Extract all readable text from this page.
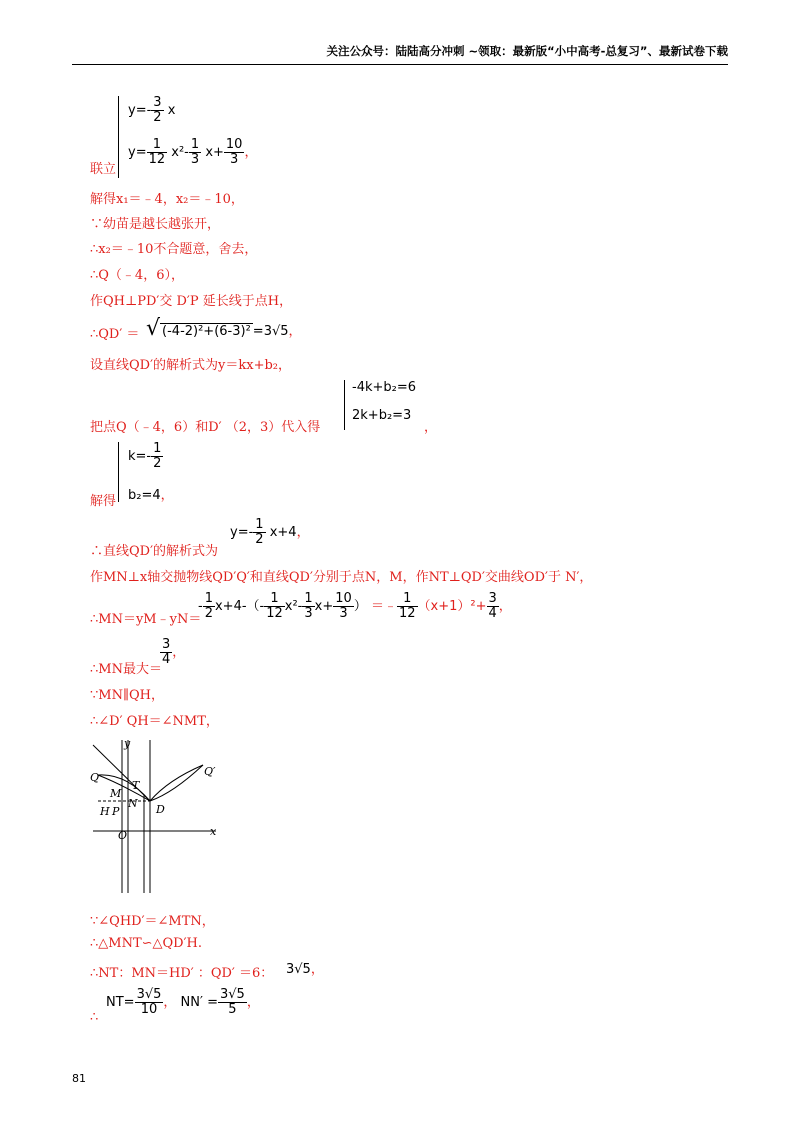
关注公众号：陆陆高分冲刺 ~领取：最新版“小中高考-总复习”、最新试卷下载
联立
$y=- \frac{3}{2}$ x
$y= \frac{1}{12} x^2- \frac{1}{3} x+ \frac{10}{3}$ ，
解得x₁＝﹣4，x₂＝﹣10，
∵幼苗是越长越张开，
∴x₂＝﹣10不合题意，舍去，
∴Q（﹣4，6），
作QH⊥PD′交 D′P 延长线于点H，
∴QD′ ＝ √ (-4-2)²+(6-3)² =3√5，
设直线QD′的解析式为y＝kx+b₂，
把点Q（﹣4，6）和D′ （2，3）代入得
-4k+b₂=6
2k+b₂=3
，
解得
$k=- \frac{1}{2}$
b₂=4，
∴直线QD′的解析式为
$y=- \frac{1}{2} x+4$，
作MN⊥x轴交抛物线QD′Q′和直线QD′分别于点N，M，作NT⊥QD′交曲线OD′于 N′，
∴MN＝yM﹣yN＝
- $\frac{1}{2} x+4-(- \frac{1}{12} x^2- \frac{1}{3} x+ \frac{10}{3}$ ） ＝﹣ $\frac{1}{12} (x+1)^2+ \frac{3}{4}$ ，
∴MN最大＝
$\frac{3}{4}$ ，
∵MN∥QH，
∴∠D′ QH＝∠NMT，
y
x
Q	Q′
M
T
N
H P	D
O
∵∠QHD′＝∠MTN，
∴△MNT∽△QD′H.
∴NT：MN＝HD′ ：QD′ ＝6： 3√5，
∴
$NT= \frac{3√5}{10}$ ， $NN' = \frac{3√5}{5}$ ，
81
